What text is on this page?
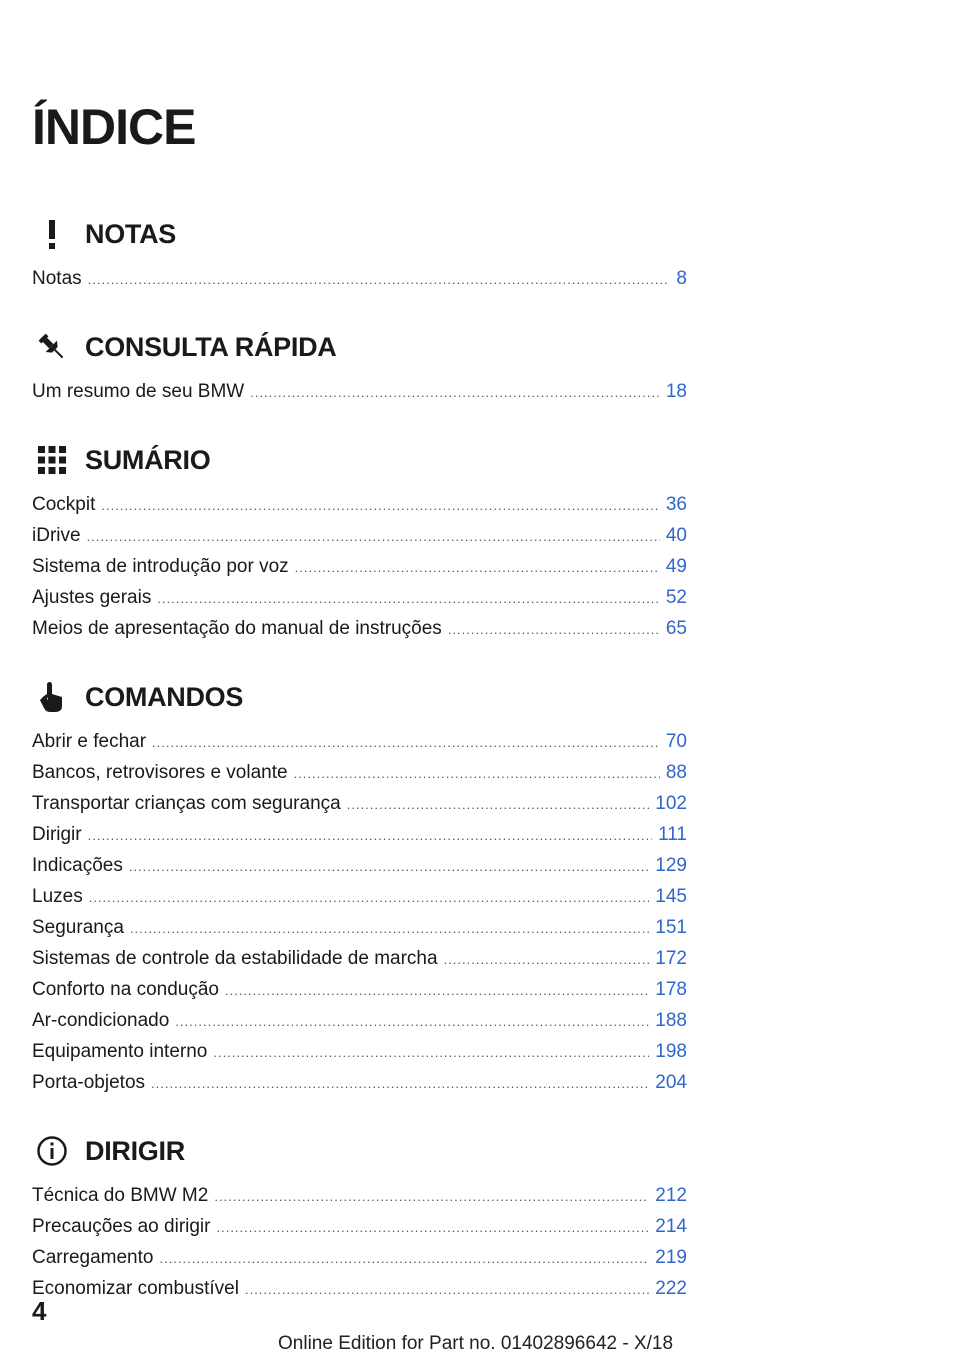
ÍNDICE
NOTAS
Notas .....	8
CONSULTA RÁPIDA
Um resumo de seu BMW .....	18
SUMÁRIO
Cockpit .....	36
iDrive .....	40
Sistema de introdução por voz .....	49
Ajustes gerais .....	52
Meios de apresentação do manual de instruções .....	65
COMANDOS
Abrir e fechar .....	70
Bancos, retrovisores e volante .....	88
Transportar crianças com segurança .....	102
Dirigir .....	111
Indicações .....	129
Luzes .....	145
Segurança .....	151
Sistemas de controle da estabilidade de marcha .....	172
Conforto na condução .....	178
Ar-condicionado .....	188
Equipamento interno .....	198
Porta-objetos .....	204
DIRIGIR
Técnica do BMW M2 .....	212
Precauções ao dirigir .....	214
Carregamento .....	219
Economizar combustível .....	222
4
Online Edition for Part no. 01402896642 - X/18
